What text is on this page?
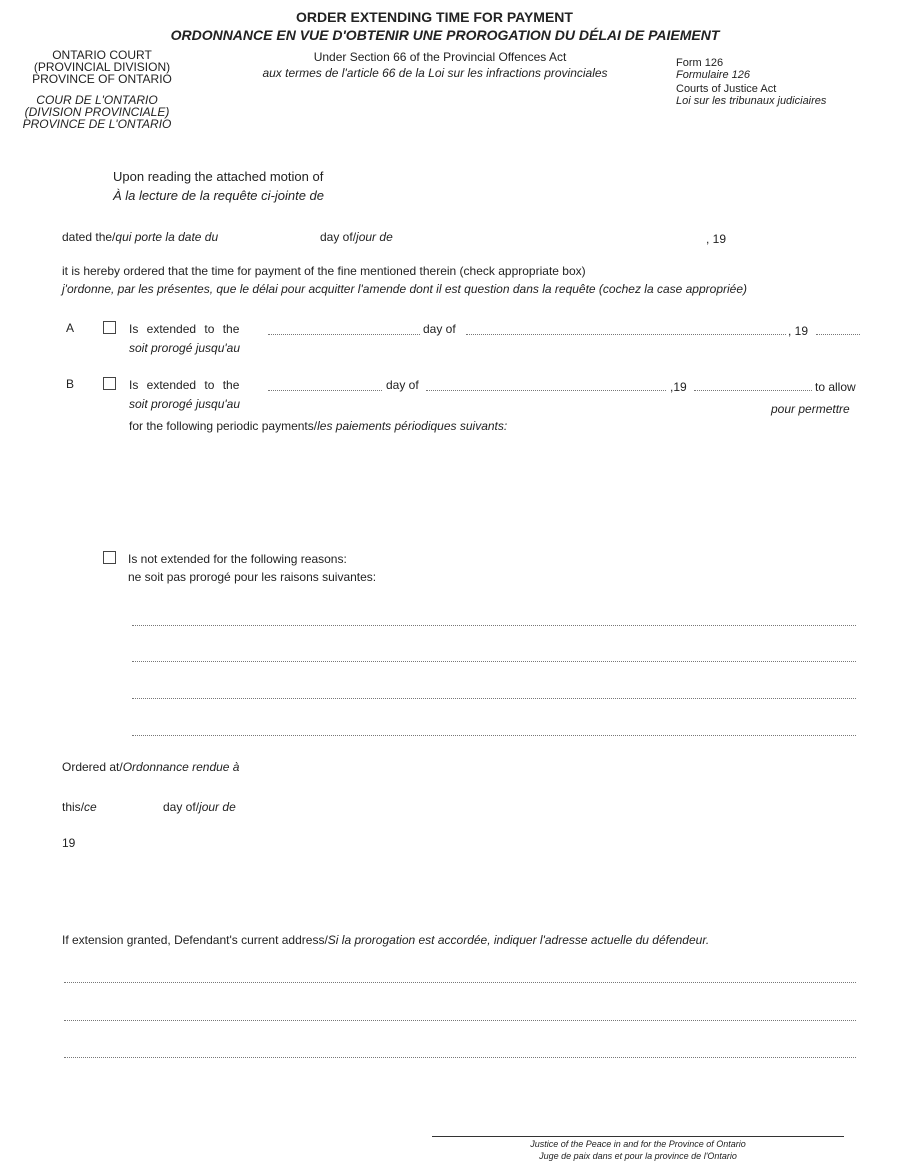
ORDER EXTENDING TIME FOR PAYMENT
ORDONNANCE EN VUE D'OBTENIR UNE PROROGATION DU DÉLAI DE PAIEMENT
ONTARIO COURT
(PROVINCIAL DIVISION)
PROVINCE OF ONTARIO
COUR DE L'ONTARIO
(DIVISION PROVINCIALE)
PROVINCE DE L'ONTARIO
Under Section 66 of the Provincial Offences Act
aux termes de l'article 66 de la Loi sur les infractions provinciales
Form 126
Formulaire 126
Courts of Justice Act
Loi sur les tribunaux judiciaires
Upon reading the attached motion of
À la lecture de la requête ci-jointe de
dated the/qui porte la date du	day of/jour de	, 19
it is hereby ordered that the time for payment of the fine mentioned therein (check appropriate box)
j'ordonne, par les présentes, que le délai pour acquitter l'amende dont il est question dans la requête (cochez la case appropriée)
A	Is extended to the	day of	, 19
soit prorogé jusqu'au
B	Is extended to the	day of	,19	to allow
soit prorogé jusqu'au	pour permettre
for the following periodic payments/les paiements périodiques suivants:
Is not extended for the following reasons:
ne soit pas prorogé pour les raisons suivantes:
Ordered at/Ordonnance rendue à
this/ce	day of/jour de
19
If extension granted, Defendant's current address/Si la prorogation est accordée, indiquer l'adresse actuelle du défendeur.
Justice of the Peace in and for the Province of Ontario
Juge de paix dans et pour la province de l'Ontario
